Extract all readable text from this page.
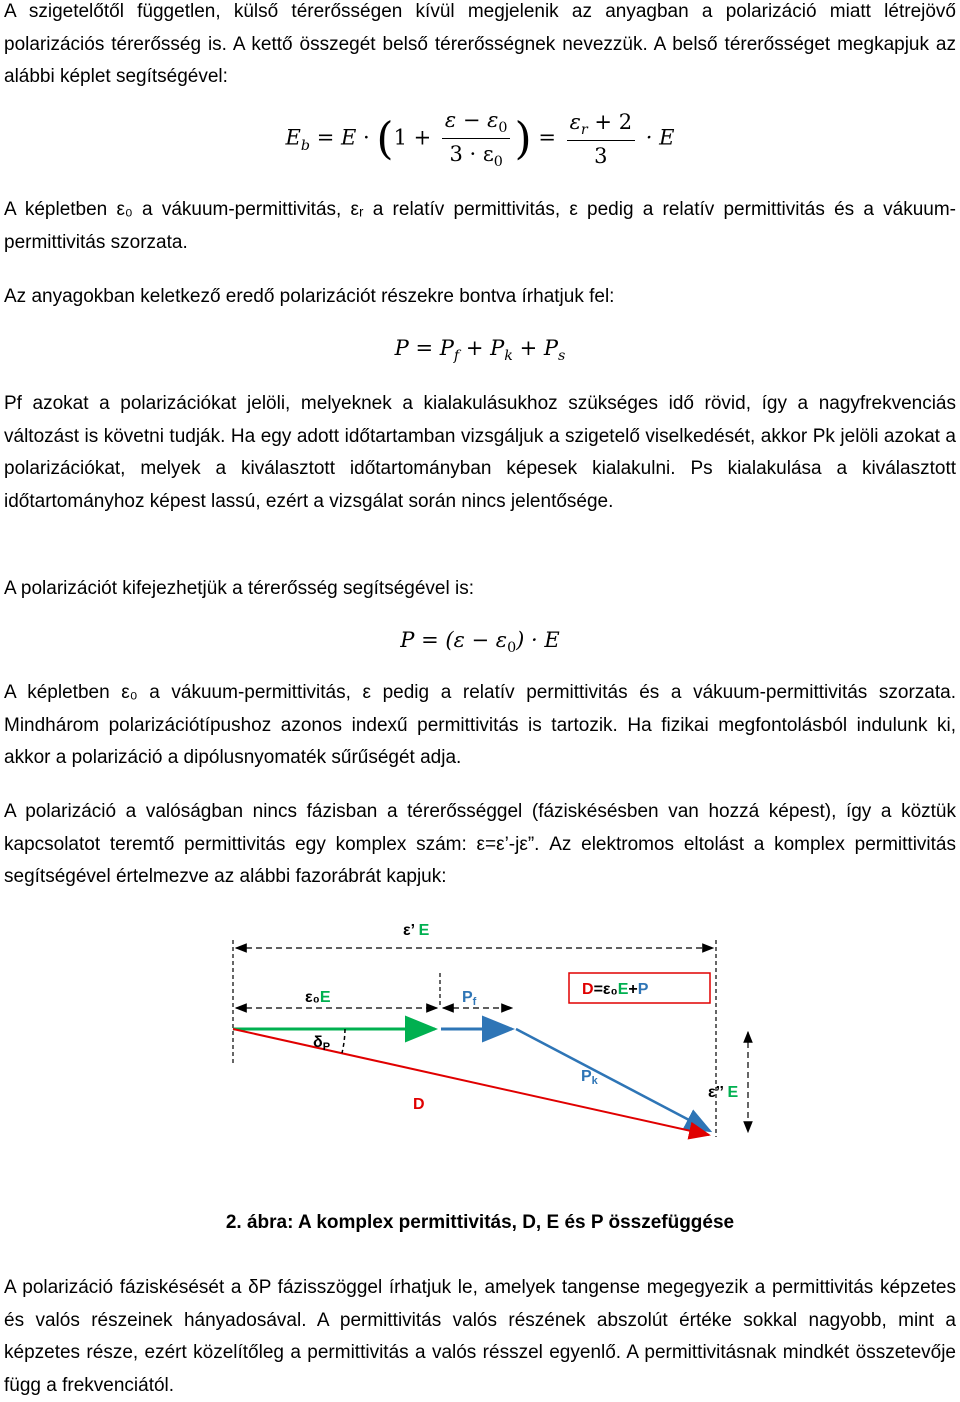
A szigetelőtől független, külső térerősségen kívül megjelenik az anyagban a polarizáció miatt létrejövő polarizációs térerősség is. A kettő összegét belső térerősségnek nevezzük. A belső térerősséget megkapjuk az alábbi képlet segítségével:

$E_b = E \cdot (1 + \frac{\varepsilon - \varepsilon_0}{3 \cdot \varepsilon_0}$ ) = $\frac{\varepsilon_r + 2}{3} \cdot E$

A képletben ε₀ a vákuum-permittivitás, εᵣ a relatív permittivitás, ε pedig a relatív permittivitás és a vákuum-permittivitás szorzata.

Az anyagokban keletkező eredő polarizációt részekre bontva írhatjuk fel:

$P = P_f + P_k + P_s$

Pf azokat a polarizációkat jelöli, melyeknek a kialakulásukhoz szükséges idő rövid, így a nagyfrekvenciás változást is követni tudják. Ha egy adott időtartamban vizsgáljuk a szigetelő viselkedését, akkor Pk jelöli azokat a polarizációkat, melyek a kiválasztott időtartományban képesek kialakulni. Ps kialakulása a kiválasztott időtartományhoz képest lassú, ezért a vizsgálat során nincs jelentősége.

A polarizációt kifejezhetjük a térerősség segítségével is:

$P = (\varepsilon - \varepsilon_0) \cdot E$

A képletben ε₀ a vákuum-permittivitás, ε pedig a relatív permittivitás és a vákuum-permittivitás szorzata. Mindhárom polarizációtípushoz azonos indexű permittivitás is tartozik. Ha fizikai megfontolásból indulunk ki, akkor a polarizáció a dipólusnyomaték sűrűségét adja.

A polarizáció a valóságban nincs fázisban a térerősséggel (fáziskésésben van hozzá képest), így a köztük kapcsolatot teremtő permittivitás egy komplex szám: ε=ε’-jε”. Az elektromos eltolást a komplex permittivitás segítségével értelmezve az alábbi fazorábrát kapjuk:

ε’ E
ε₀E	Pf
D=ε₀E+P
Pk
D
δP
ε’’ E
2. ábra: A komplex permittivitás, D, E és P összefüggése

A polarizáció fáziskésését a δP fázisszöggel írhatjuk le, amelyek tangense megegyezik a permittivitás képzetes és valós részeinek hányadosával. A permittivitás valós részének abszolút értéke sokkal nagyobb, mint a képzetes része, ezért közelítőleg a permittivitás a valós résszel egyenlő. A permittivitásnak mindkét összetevője függ a frekvenciától.
